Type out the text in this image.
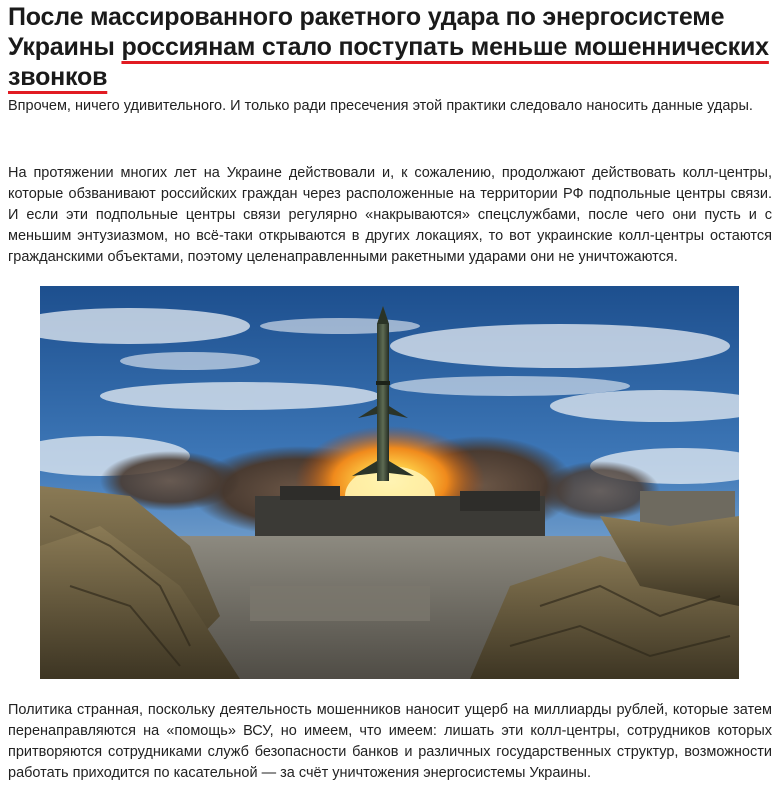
После массированного ракетного удара по энергосистеме Украины россиянам стало поступать меньше мошеннических звонков

Впрочем, ничего удивительного. И только ради пресечения этой практики следовало наносить данные удары.

На протяжении многих лет на Украине действовали и, к сожалению, продолжают действовать колл-центры, которые обзванивают российских граждан через расположенные на территории РФ подпольные центры связи. И если эти подпольные центры связи регулярно «накрываются» спецслужбами, после чего они пусть и с меньшим энтузиазмом, но всё-таки открываются в других локациях, то вот украинские колл-центры остаются гражданскими объектами, поэтому целенаправленными ракетными ударами они не уничтожаются.

Политика странная, поскольку деятельность мошенников наносит ущерб на миллиарды рублей, которые затем перенаправляются на «помощь» ВСУ, но имеем, что имеем: лишать эти колл-центры, сотрудников которых притворяются сотрудниками служб безопасности банков и различных государственных структур, возможности работать приходится по касательной — за счёт уничтожения энергосистемы Украины.
